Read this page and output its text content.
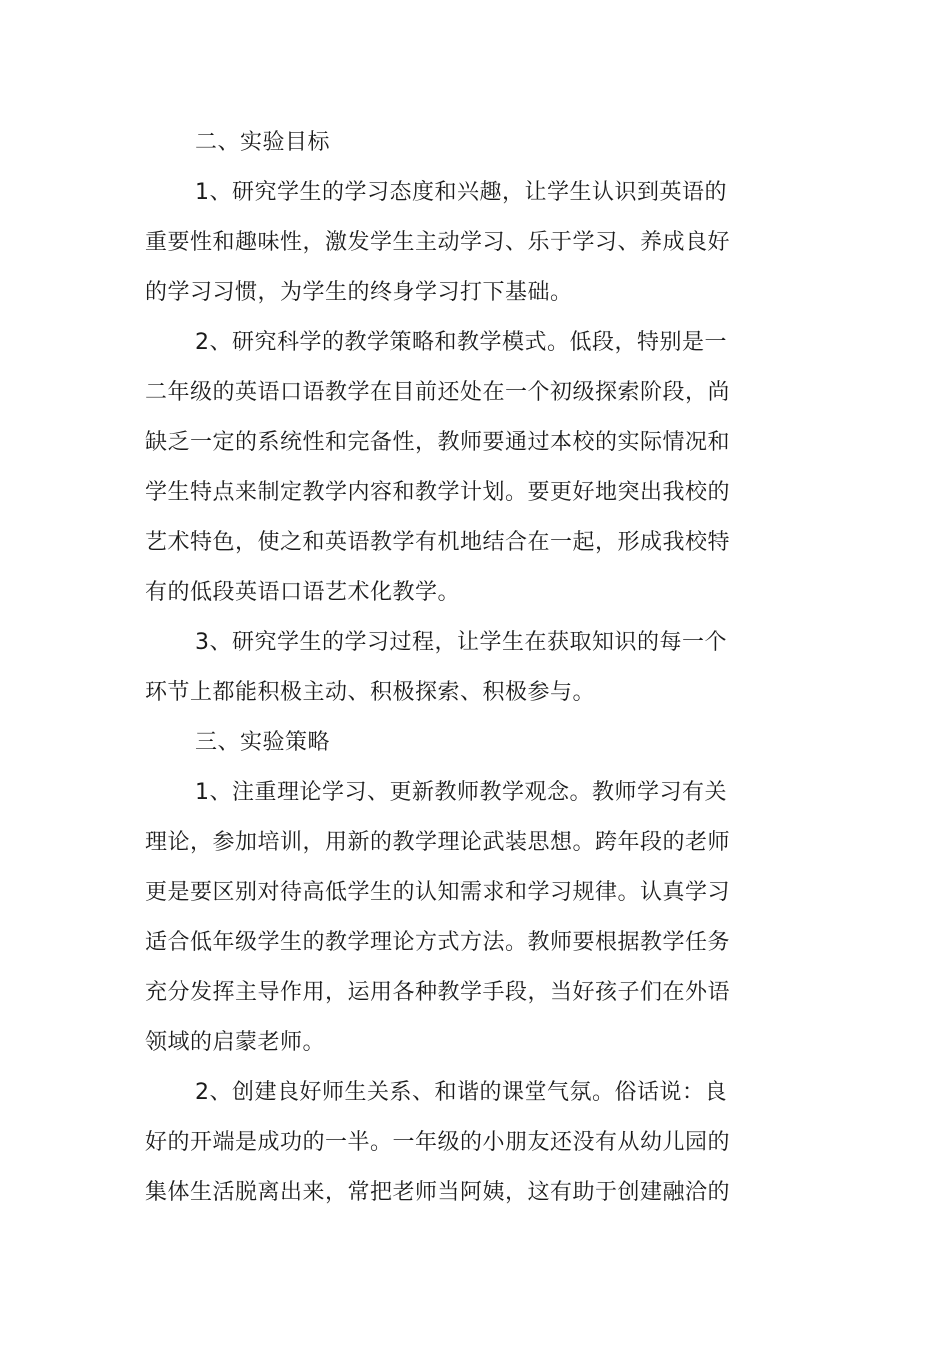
二、实验目标
1、研究学生的学习态度和兴趣，让学生认识到英语的
重要性和趣味性，激发学生主动学习、乐于学习、养成良好
的学习习惯，为学生的终身学习打下基础。
2、研究科学的教学策略和教学模式。低段，特别是一
二年级的英语口语教学在目前还处在一个初级探索阶段，尚
缺乏一定的系统性和完备性，教师要通过本校的实际情况和
学生特点来制定教学内容和教学计划。要更好地突出我校的
艺术特色，使之和英语教学有机地结合在一起，形成我校特
有的低段英语口语艺术化教学。
3、研究学生的学习过程，让学生在获取知识的每一个
环节上都能积极主动、积极探索、积极参与。
三、实验策略
1、注重理论学习、更新教师教学观念。教师学习有关
理论，参加培训，用新的教学理论武装思想。跨年段的老师
更是要区别对待高低学生的认知需求和学习规律。认真学习
适合低年级学生的教学理论方式方法。教师要根据教学任务
充分发挥主导作用，运用各种教学手段，当好孩子们在外语
领域的启蒙老师。
2、创建良好师生关系、和谐的课堂气氛。俗话说：良
好的开端是成功的一半。一年级的小朋友还没有从幼儿园的
集体生活脱离出来，常把老师当阿姨，这有助于创建融洽的
